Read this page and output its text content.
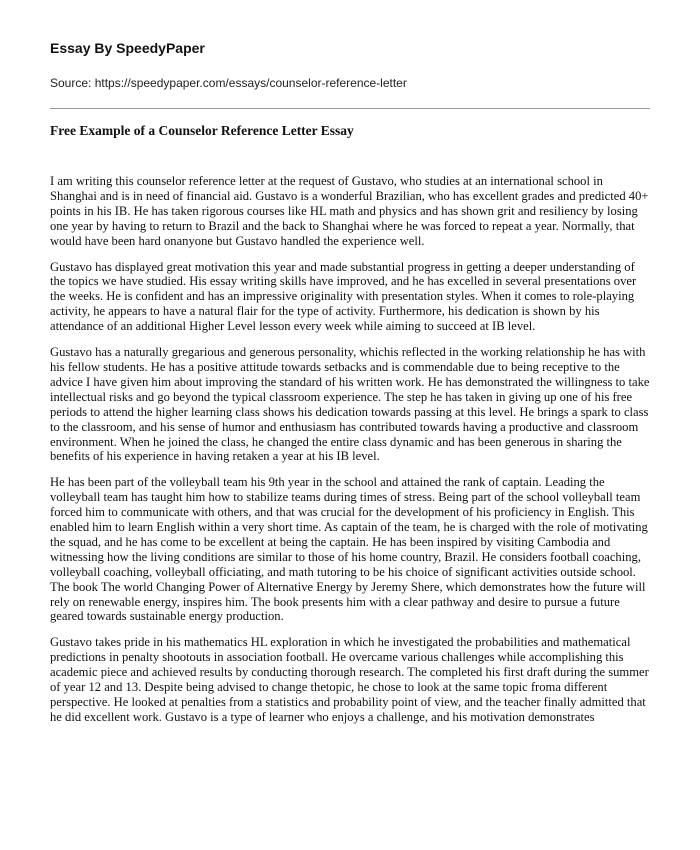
Essay By SpeedyPaper
Source: https://speedypaper.com/essays/counselor-reference-letter
Free Example of a Counselor Reference Letter Essay

I am writing this counselor reference letter at the request of Gustavo, who studies at an international school in Shanghai and is in need of financial aid. Gustavo is a wonderful Brazilian, who has excellent grades and predicted 40+ points in his IB. He has taken rigorous courses like HL math and physics and has shown grit and resiliency by losing one year by having to return to Brazil and the back to Shanghai where he was forced to repeat a year. Normally, that would have been hard onanyone but Gustavo handled the experience well.

Gustavo has displayed great motivation this year and made substantial progress in getting a deeper understanding of the topics we have studied. His essay writing skills have improved, and he has excelled in several presentations over the weeks. He is confident and has an impressive originality with presentation styles. When it comes to role-playing activity, he appears to have a natural flair for the type of activity. Furthermore, his dedication is shown by his attendance of an additional Higher Level lesson every week while aiming to succeed at IB level.

Gustavo has a naturally gregarious and generous personality, whichis reflected in the working relationship he has with his fellow students. He has a positive attitude towards setbacks and is commendable due to being receptive to the advice I have given him about improving the standard of his written work. He has demonstrated the willingness to take intellectual risks and go beyond the typical classroom experience. The step he has taken in giving up one of his free periods to attend the higher learning class shows his dedication towards passing at this level. He brings a spark to class to the classroom, and his sense of humor and enthusiasm has contributed towards having a productive and classroom environment. When he joined the class, he changed the entire class dynamic and has been generous in sharing the benefits of his experience in having retaken a year at his IB level.

He has been part of the volleyball team his 9th year in the school and attained the rank of captain. Leading the volleyball team has taught him how to stabilize teams during times of stress. Being part of the school volleyball team forced him to communicate with others, and that was crucial for the development of his proficiency in English. This enabled him to learn English within a very short time. As captain of the team, he is charged with the role of motivating the squad, and he has come to be excellent at being the captain. He has been inspired by visiting Cambodia and witnessing how the living conditions are similar to those of his home country, Brazil. He considers football coaching, volleyball coaching, volleyball officiating, and math tutoring to be his choice of significant activities outside school. The book The world Changing Power of Alternative Energy by Jeremy Shere, which demonstrates how the future will rely on renewable energy, inspires him. The book presents him with a clear pathway and desire to pursue a future geared towards sustainable energy production.

Gustavo takes pride in his mathematics HL exploration in which he investigated the probabilities and mathematical predictions in penalty shootouts in association football. He overcame various challenges while accomplishing this academic piece and achieved results by conducting thorough research. The completed his first draft during the summer of year 12 and 13. Despite being advised to change thetopic, he chose to look at the same topic froma different perspective. He looked at penalties from a statistics and probability point of view, and the teacher finally admitted that he did excellent work. Gustavo is a type of learner who enjoys a challenge, and his motivation demonstrates
